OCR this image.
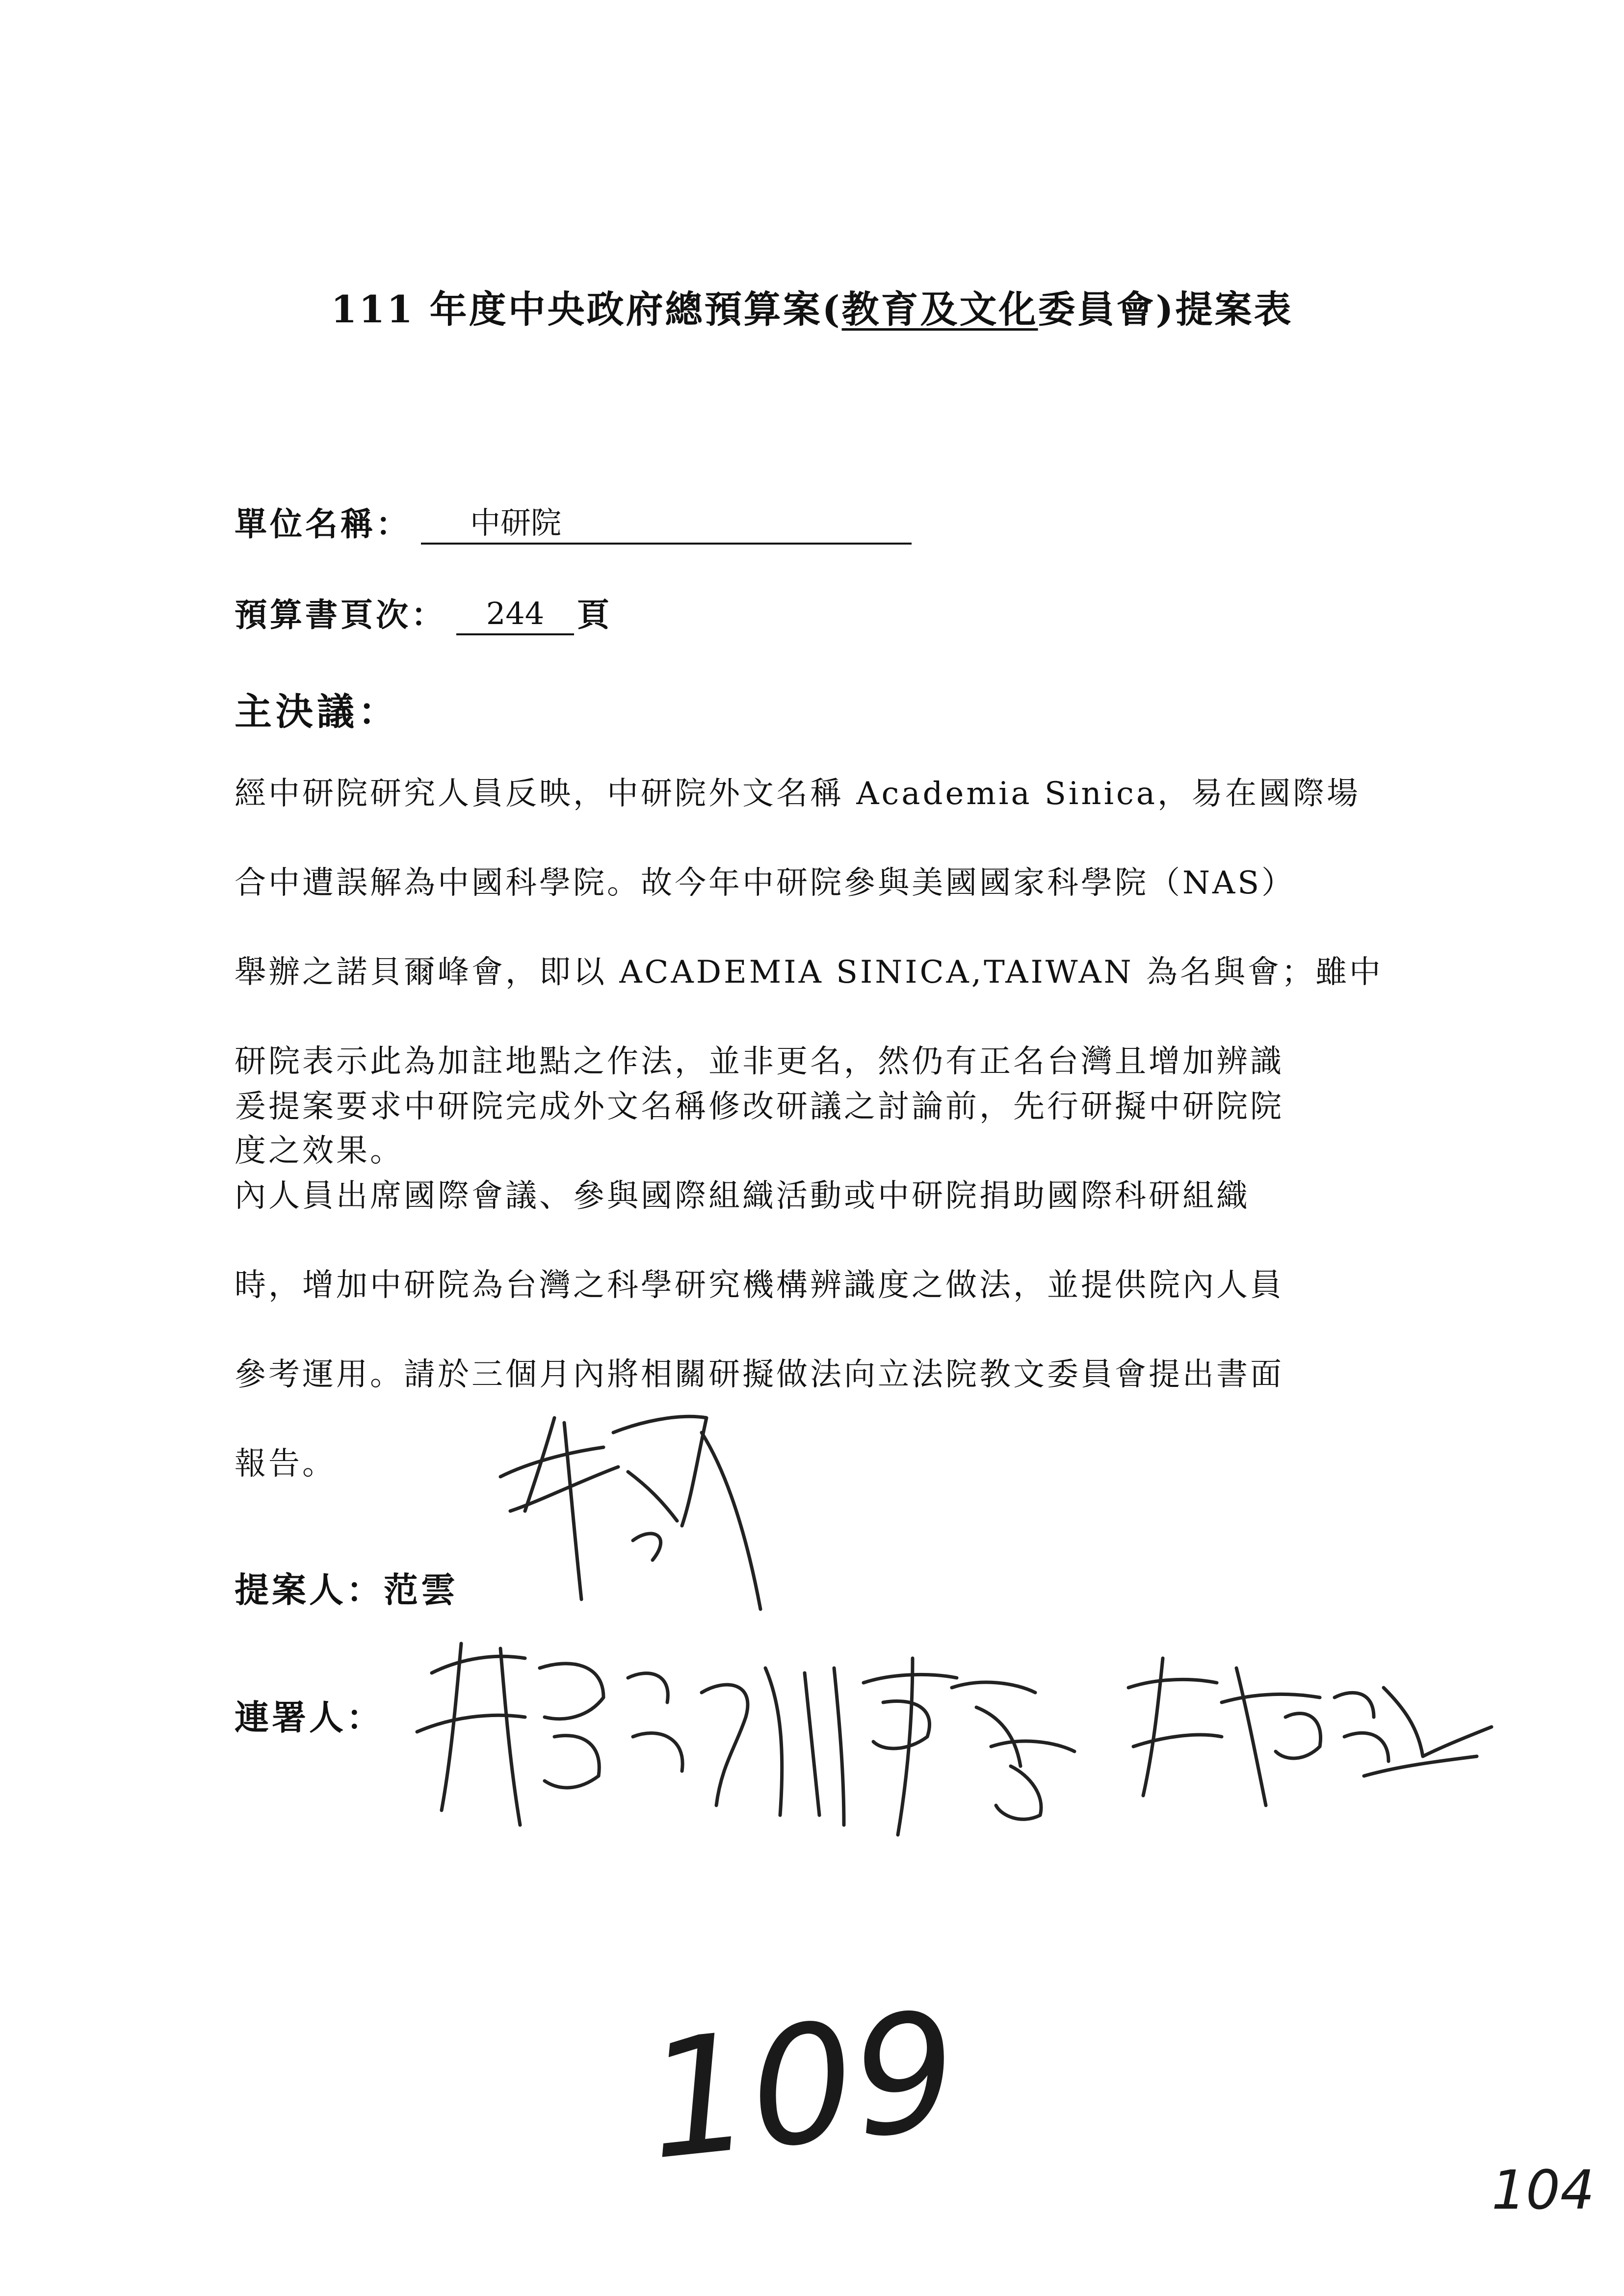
111 年度中央政府總預算案(教育及文化委員會)提案表
單位名稱：	中研院
預算書頁次：	244	頁
主決議：
經中研院研究人員反映，中研院外文名稱 Academia Sinica，易在國際場
合中遭誤解為中國科學院。故今年中研院參與美國國家科學院（NAS）
舉辦之諾貝爾峰會，即以 ACADEMIA SINICA,TAIWAN 為名與會；雖中
研院表示此為加註地點之作法，並非更名，然仍有正名台灣且增加辨識
度之效果。
爰提案要求中研院完成外文名稱修改研議之討論前，先行研擬中研院院
內人員出席國際會議、參與國際組織活動或中研院捐助國際科研組織
時，增加中研院為台灣之科學研究機構辨識度之做法，並提供院內人員
參考運用。請於三個月內將相關研擬做法向立法院教文委員會提出書面
報告。
提案人：范雲
連署人：
109	104
